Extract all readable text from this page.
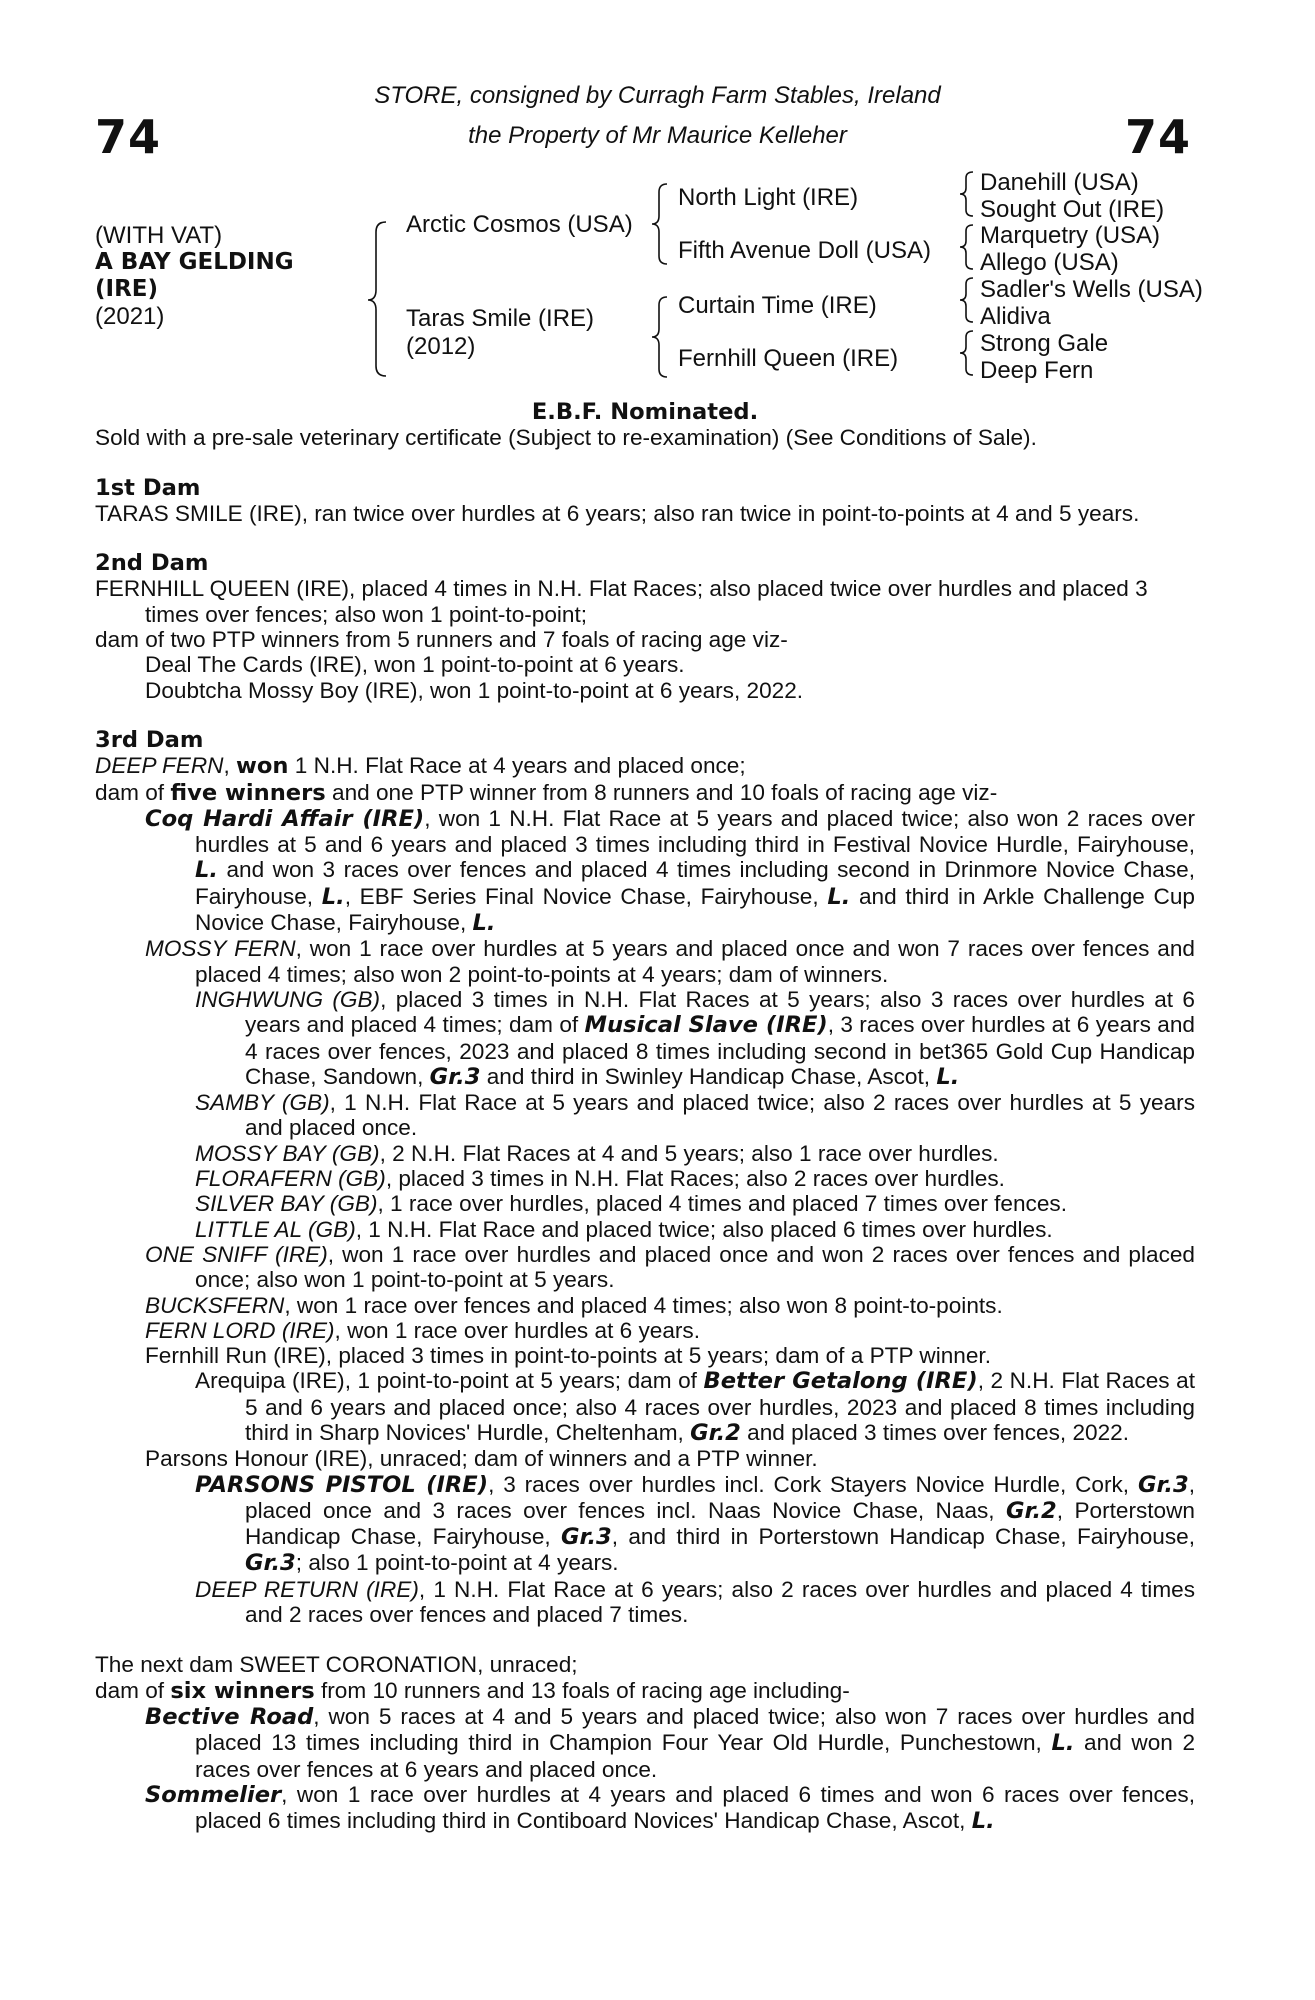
74	74
STORE, consigned by Curragh Farm Stables, Ireland
the Property of Mr Maurice Kelleher
(WITH VAT)
A BAY GELDING
(IRE)
(2021)
Arctic Cosmos (USA)
Taras Smile (IRE)
(2012)
North Light (IRE)
Fifth Avenue Doll (USA)
Curtain Time (IRE)
Fernhill Queen (IRE)
Danehill (USA)
Sought Out (IRE)
Marquetry (USA)
Allego (USA)
Sadler's Wells (USA)
Alidiva
Strong Gale
Deep Fern

E.B.F. Nominated.

Sold with a pre-sale veterinary certificate (Subject to re-examination) (See Conditions of Sale).

1st Dam

TARAS SMILE (IRE), ran twice over hurdles at 6 years; also ran twice in point-to-points at 4 and 5 years.

2nd Dam

FERNHILL QUEEN (IRE), placed 4 times in N.H. Flat Races; also placed twice over hurdles and placed 3 times over fences; also won 1 point-to-point;

dam of two PTP winners from 5 runners and 7 foals of racing age viz-

Deal The Cards (IRE), won 1 point-to-point at 6 years.

Doubtcha Mossy Boy (IRE), won 1 point-to-point at 6 years, 2022.

3rd Dam

DEEP FERN, won 1 N.H. Flat Race at 4 years and placed once;

dam of five winners and one PTP winner from 8 runners and 10 foals of racing age viz-

Coq Hardi Affair (IRE), won 1 N.H. Flat Race at 5 years and placed twice; also won 2 races over hurdles at 5 and 6 years and placed 3 times including third in Festival Novice Hurdle, Fairyhouse, L. and won 3 races over fences and placed 4 times including second in Drinmore Novice Chase, Fairyhouse, L., EBF Series Final Novice Chase, Fairyhouse, L. and third in Arkle Challenge Cup Novice Chase, Fairyhouse, L.

MOSSY FERN, won 1 race over hurdles at 5 years and placed once and won 7 races over fences and placed 4 times; also won 2 point-to-points at 4 years; dam of winners.

INGHWUNG (GB), placed 3 times in N.H. Flat Races at 5 years; also 3 races over hurdles at 6 years and placed 4 times; dam of Musical Slave (IRE), 3 races over hurdles at 6 years and 4 races over fences, 2023 and placed 8 times including second in bet365 Gold Cup Handicap Chase, Sandown, Gr.3 and third in Swinley Handicap Chase, Ascot, L.

SAMBY (GB), 1 N.H. Flat Race at 5 years and placed twice; also 2 races over hurdles at 5 years and placed once.

MOSSY BAY (GB), 2 N.H. Flat Races at 4 and 5 years; also 1 race over hurdles.

FLORAFERN (GB), placed 3 times in N.H. Flat Races; also 2 races over hurdles.

SILVER BAY (GB), 1 race over hurdles, placed 4 times and placed 7 times over fences.

LITTLE AL (GB), 1 N.H. Flat Race and placed twice; also placed 6 times over hurdles.

ONE SNIFF (IRE), won 1 race over hurdles and placed once and won 2 races over fences and placed once; also won 1 point-to-point at 5 years.

BUCKSFERN, won 1 race over fences and placed 4 times; also won 8 point-to-points.

FERN LORD (IRE), won 1 race over hurdles at 6 years.

Fernhill Run (IRE), placed 3 times in point-to-points at 5 years; dam of a PTP winner.

Arequipa (IRE), 1 point-to-point at 5 years; dam of Better Getalong (IRE), 2 N.H. Flat Races at 5 and 6 years and placed once; also 4 races over hurdles, 2023 and placed 8 times including third in Sharp Novices' Hurdle, Cheltenham, Gr.2 and placed 3 times over fences, 2022.

Parsons Honour (IRE), unraced; dam of winners and a PTP winner.

PARSONS PISTOL (IRE), 3 races over hurdles incl. Cork Stayers Novice Hurdle, Cork, Gr.3, placed once and 3 races over fences incl. Naas Novice Chase, Naas, Gr.2, Porterstown Handicap Chase, Fairyhouse, Gr.3, and third in Porterstown Handicap Chase, Fairyhouse, Gr.3; also 1 point-to-point at 4 years.

DEEP RETURN (IRE), 1 N.H. Flat Race at 6 years; also 2 races over hurdles and placed 4 times and 2 races over fences and placed 7 times.

The next dam SWEET CORONATION, unraced;

dam of six winners from 10 runners and 13 foals of racing age including-

Bective Road, won 5 races at 4 and 5 years and placed twice; also won 7 races over hurdles and placed 13 times including third in Champion Four Year Old Hurdle, Punchestown, L. and won 2 races over fences at 6 years and placed once.

Sommelier, won 1 race over hurdles at 4 years and placed 6 times and won 6 races over fences, placed 6 times including third in Contiboard Novices' Handicap Chase, Ascot, L.
